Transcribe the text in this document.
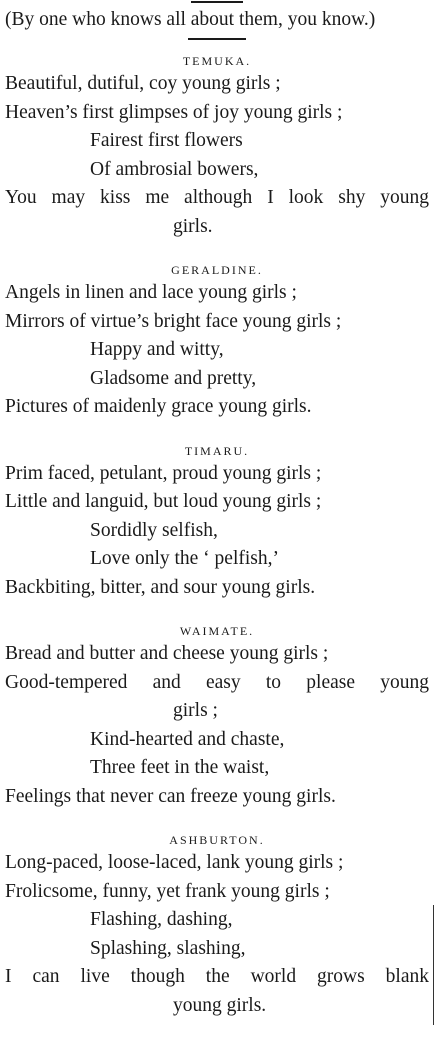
(By one who knows all about them, you know.)
TEMUKA.
Beautiful, dutiful, coy young girls ;
Heaven’s first glimpses of joy young girls ;
Fairest first flowers
Of ambrosial bowers,
You may kiss me although I look shy young
girls.
GERALDINE.
Angels in linen and lace young girls ;
Mirrors of virtue’s bright face young girls ;
Happy and witty,
Gladsome and pretty,
Pictures of maidenly grace young girls.
TIMARU.
Prim faced, petulant, proud young girls ;
Little and languid, but loud young girls ;
Sordidly selfish,
Love only the ‘ pelfish,’
Backbiting, bitter, and sour young girls.
WAIMATE.
Bread and butter and cheese young girls ;
Good-tempered and easy to please young
girls ;
Kind-hearted and chaste,
Three feet in the waist,
Feelings that never can freeze young girls.
ASHBURTON.
Long-paced, loose-laced, lank young girls ;
Frolicsome, funny, yet frank young girls ;
Flashing, dashing,
Splashing, slashing,
I can live though the world grows blank
young girls.
